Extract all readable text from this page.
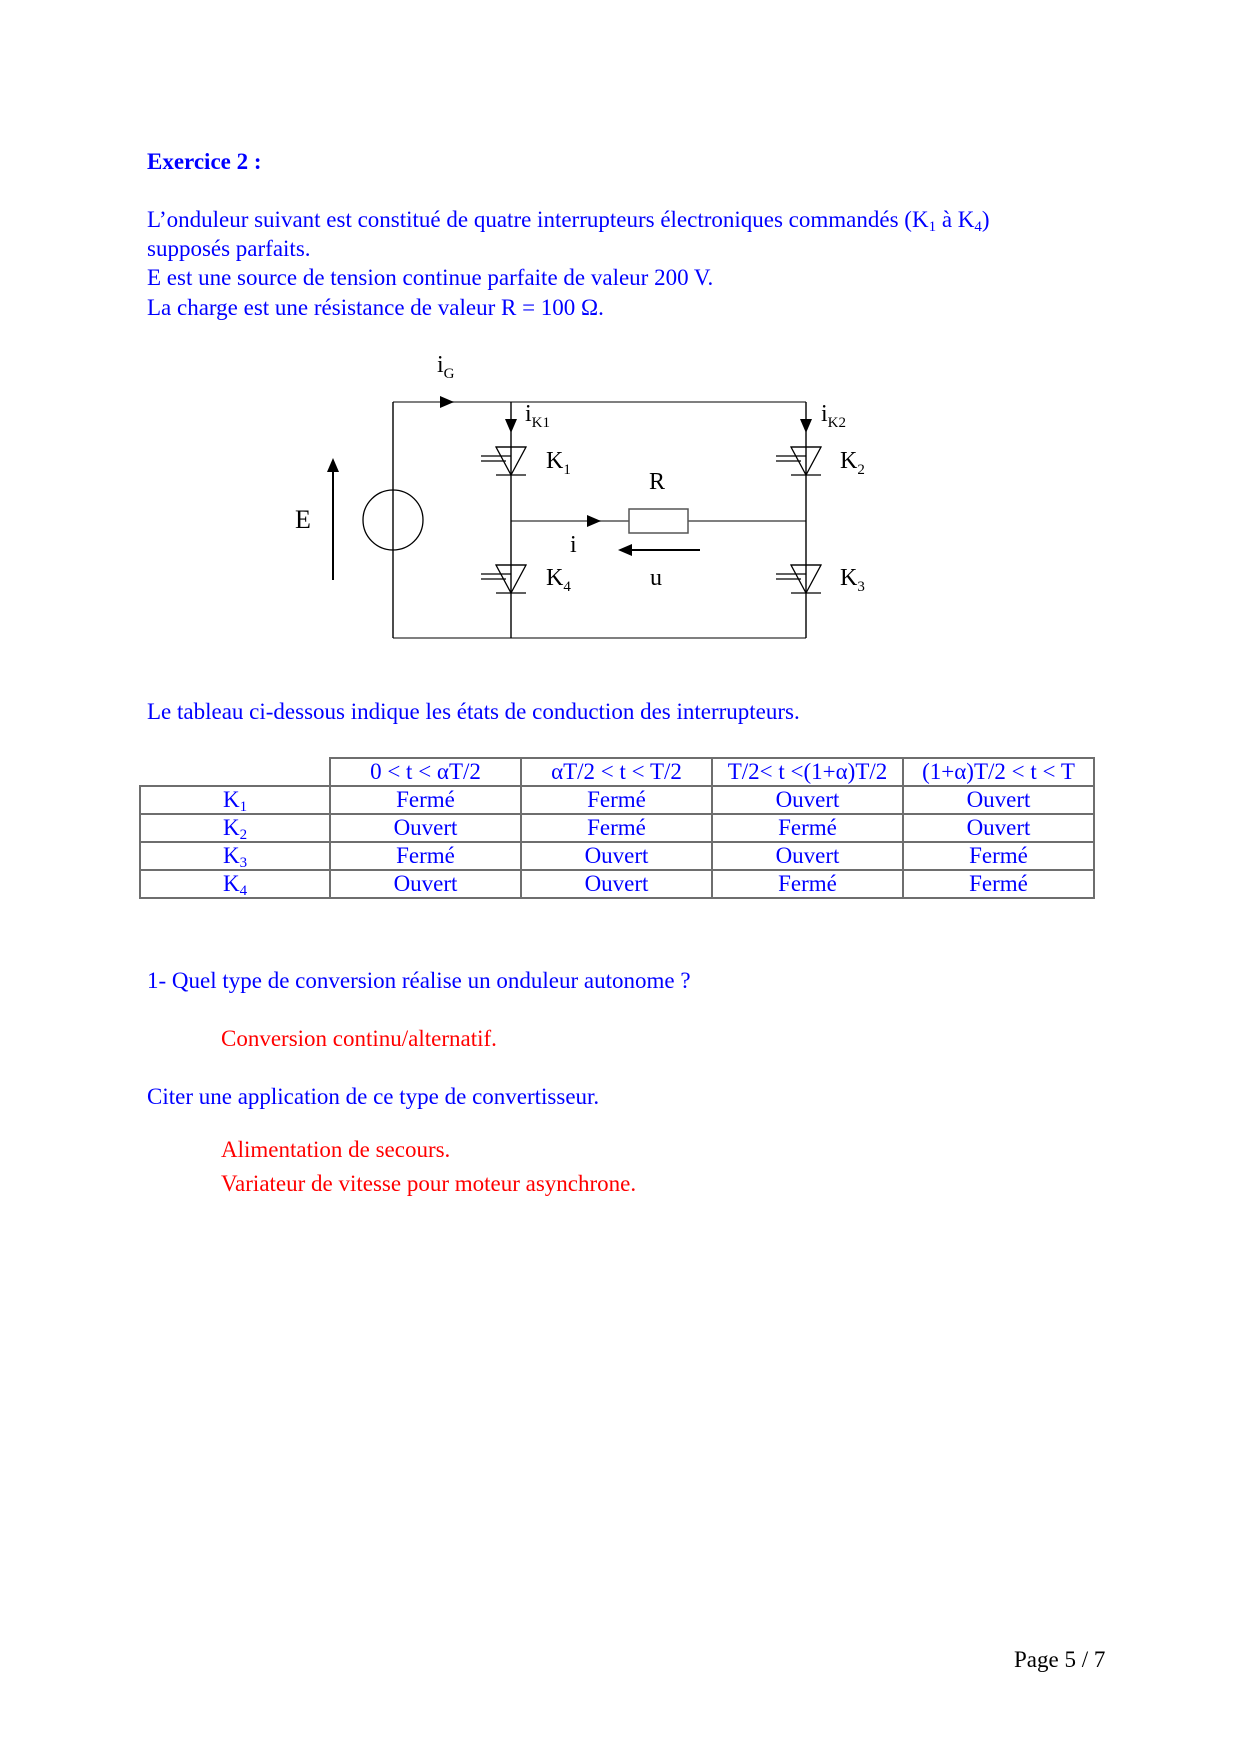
Exercice 2 :
L’onduleur suivant est constitué de quatre interrupteurs électroniques commandés ($K_1$ à $K_4$)
supposés parfaits.
E est une source de tension continue parfaite de valeur 200 V.
La charge est une résistance de valeur R = 100 Ω.
E
$i_G$
$i_{K1}$	$i_{K2}$
$K_1$	$K_2$
$K_3$
$K_4$
R
i
u
Le tableau ci-dessous indique les états de conduction des interrupteurs.
	0 < t < αT/2	αT/2 < t < T/2	T/2< t <(1+α)T/2	(1+α)T/2 < t < T
$K_1$	Fermé	Fermé	Ouvert	Ouvert
$K_2$	Ouvert	Fermé	Fermé	Ouvert
$K_3$	Fermé	Ouvert	Ouvert	Fermé
$K_4$	Ouvert	Ouvert	Fermé	Fermé
1- Quel type de conversion réalise un onduleur autonome ?
Conversion continu/alternatif.
Citer une application de ce type de convertisseur.
Alimentation de secours.
Variateur de vitesse pour moteur asynchrone.
Page 5 / 7
